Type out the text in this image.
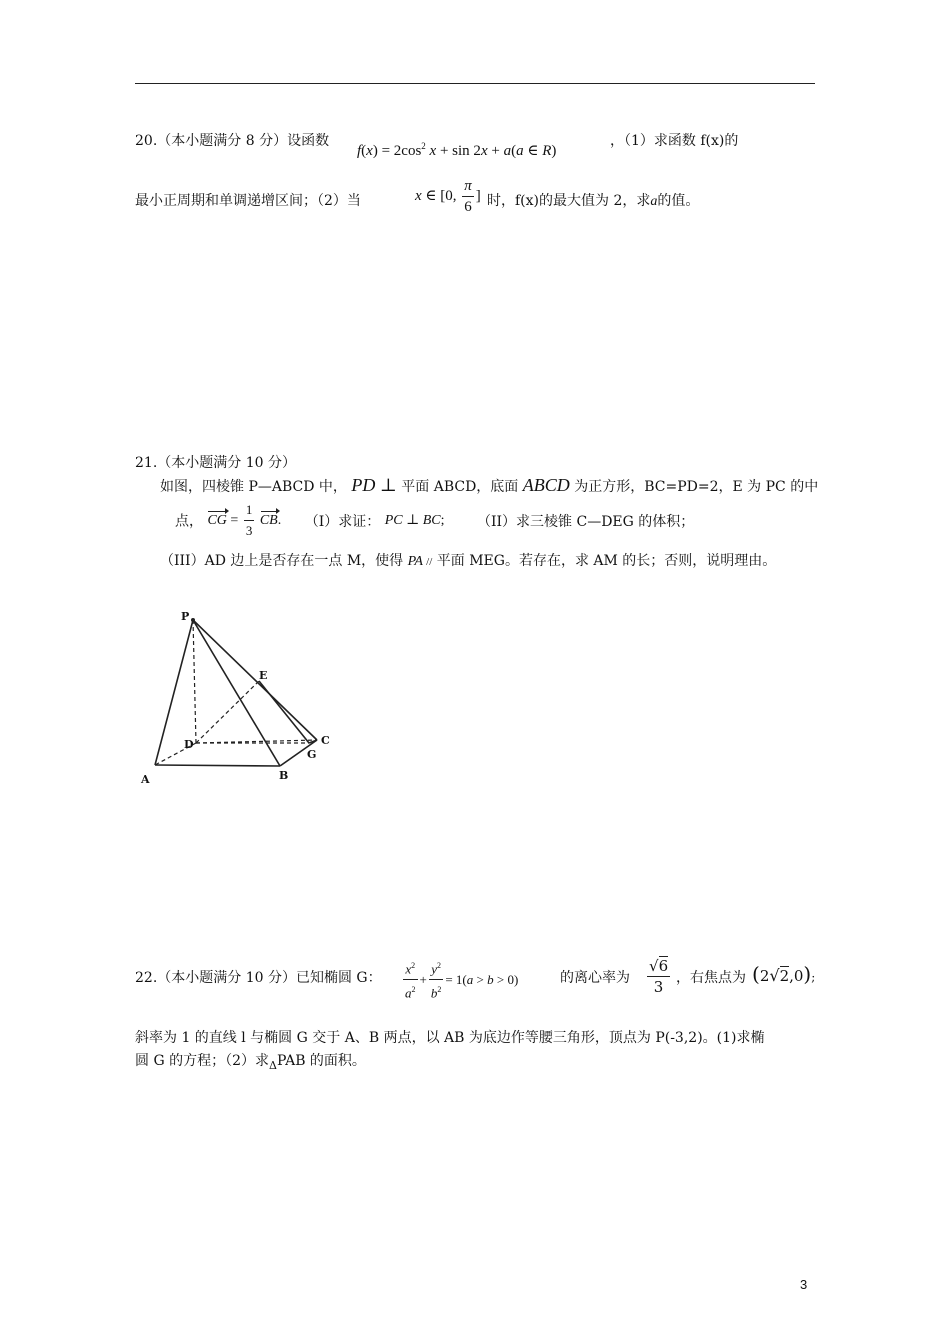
20.（本小题满分 8 分）设函数
$f(x) = 2\cos^2$ x + sin 2x + a(a ∈ R)
，（1）求函数 f(x)的
最小正周期和单调递增区间；（2）当	x ∈ [0, $\frac{\pi}{6}$ ] 时，f(x)的最大值为 2，求a的值。
21.（本小题满分 10 分）
如图，四棱锥 P—ABCD 中， PD ⊥ 平面 ABCD，底面 ABCD 为正方形，BC=PD=2，E 为 PC 的中
点， CG = $\frac{1}{3}$ CB. （I）求证： PC ⊥ BC; （II）求三棱锥 C—DEG 的体积；
（III）AD 边上是否存在一点 M，使得 PA // 平面 MEG。若存在，求 AM 的长；否则，说明理由。
P
E
D	C
G
A	B
22.（本小题满分 10 分）已知椭圆 G： $\frac{x^2}{a^2} + \frac{y^2}{b^2} = 1(a > b > 0)$	的离心率为 $\frac{√6}{3}$ ，右焦点为 (2√2,0);
斜率为 1 的直线 l 与椭圆 G 交于 A、B 两点，以 AB 为底边作等腰三角形，顶点为 P(-3,2)。(1)求椭
圆 G 的方程；（2）求$_\Delta$PAB 的面积。
3
